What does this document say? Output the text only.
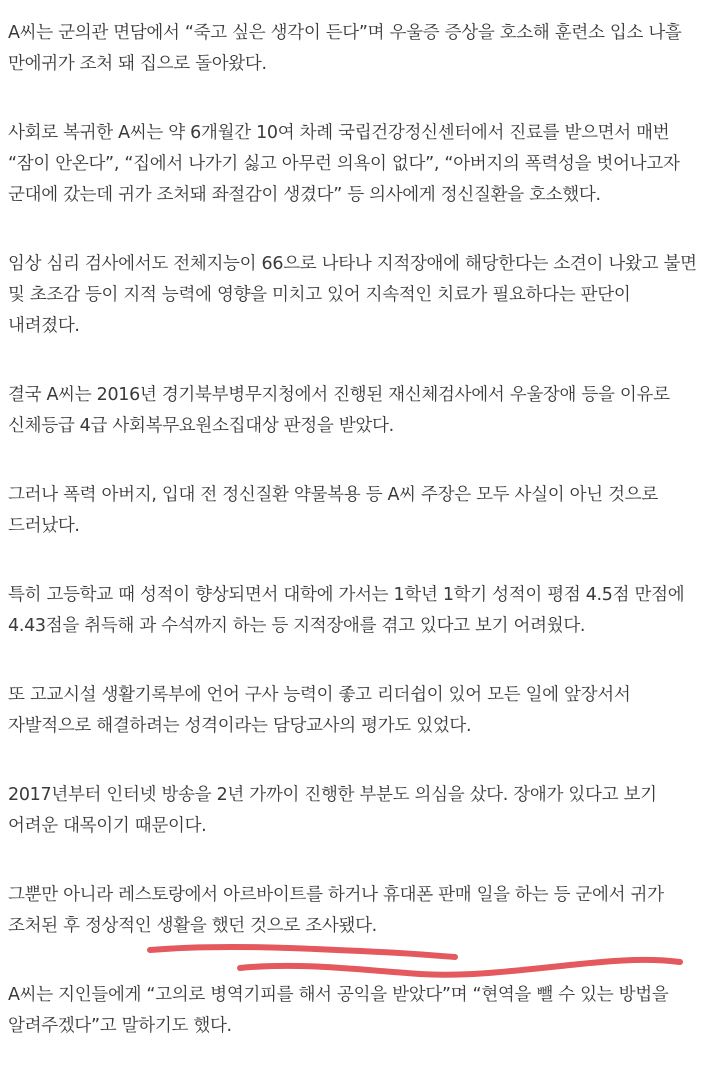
A씨는 군의관 면담에서 “죽고 싶은 생각이 든다”며 우울증 증상을 호소해 훈련소 입소 나흘 만에귀가 조처 돼 집으로 돌아왔다.

사회로 복귀한 A씨는 약 6개월간 10여 차례 국립건강정신센터에서 진료를 받으면서 매번 “잠이 안온다”, “집에서 나가기 싫고 아무런 의욕이 없다”, “아버지의 폭력성을 벗어나고자 군대에 갔는데 귀가 조처돼 좌절감이 생겼다” 등 의사에게 정신질환을 호소했다.

임상 심리 검사에서도 전체지능이 66으로 나타나 지적장애에 해당한다는 소견이 나왔고 불면 및 초조감 등이 지적 능력에 영향을 미치고 있어 지속적인 치료가 필요하다는 판단이 내려졌다.

결국 A씨는 2016년 경기북부병무지청에서 진행된 재신체검사에서 우울장애 등을 이유로 신체등급 4급 사회복무요원소집대상 판정을 받았다.

그러나 폭력 아버지, 입대 전 정신질환 약물복용 등 A씨 주장은 모두 사실이 아닌 것으로 드러났다.

특히 고등학교 때 성적이 향상되면서 대학에 가서는 1학년 1학기 성적이 평점 4.5점 만점에 4.43점을 취득해 과 수석까지 하는 등 지적장애를 겪고 있다고 보기 어려웠다.

또 고교시설 생활기록부에 언어 구사 능력이 좋고 리더쉽이 있어 모든 일에 앞장서서 자발적으로 해결하려는 성격이라는 담당교사의 평가도 있었다.

2017년부터 인터넷 방송을 2년 가까이 진행한 부분도 의심을 샀다. 장애가 있다고 보기 어려운 대목이기 때문이다.

그뿐만 아니라 레스토랑에서 아르바이트를 하거나 휴대폰 판매 일을 하는 등 군에서 귀가 조처된 후 정상적인 생활을 했던 것으로 조사됐다.

A씨는 지인들에게 “고의로 병역기피를 해서 공익을 받았다”며 “현역을 뺄 수 있는 방법을 알려주겠다”고 말하기도 했다.
